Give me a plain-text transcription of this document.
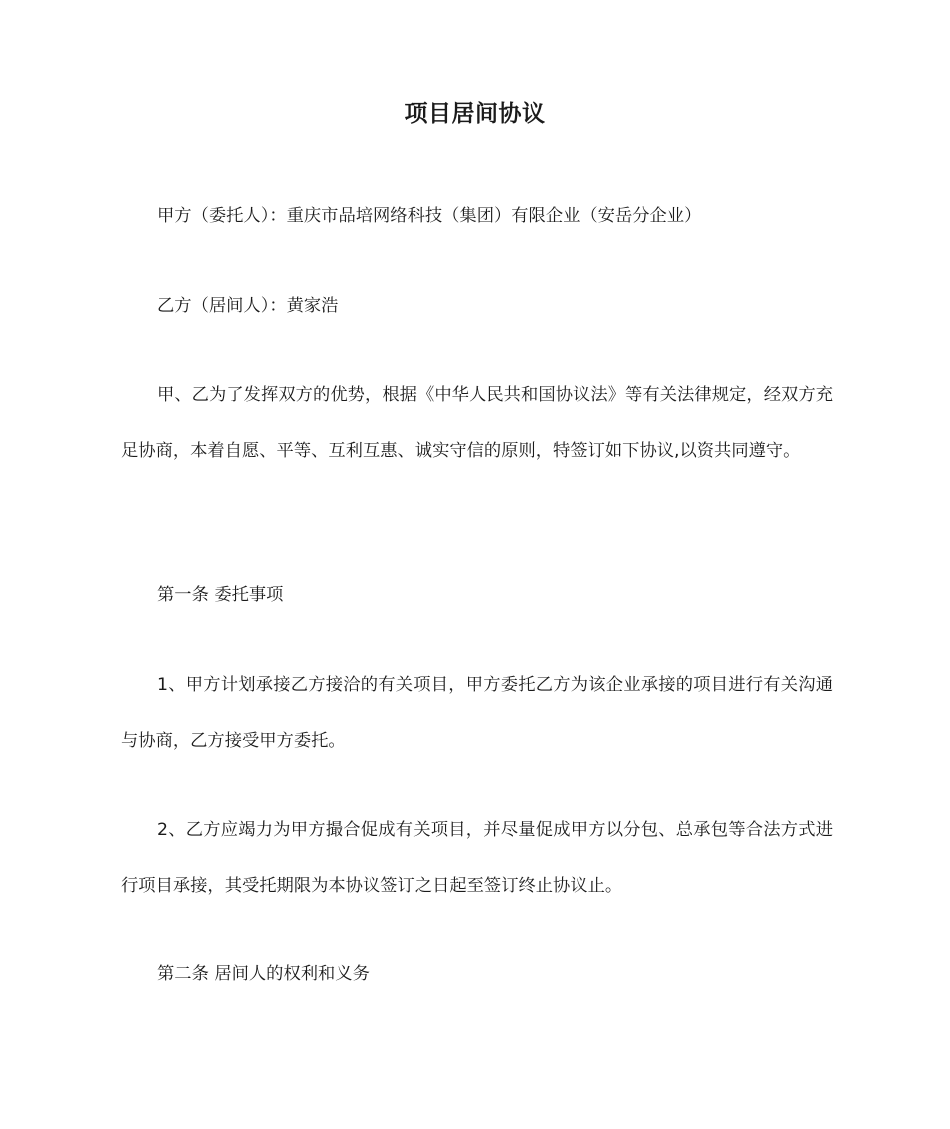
项目居间协议

甲方（委托人）：重庆市品培网络科技（集团）有限企业（安岳分企业）

乙方（居间人）：黄家浩

甲、乙为了发挥双方的优势，根据《中华人民共和国协议法》等有关法律规定，经双方充足协商，本着自愿、平等、互利互惠、诚实守信的原则，特签订如下协议,以资共同遵守。

第一条 委托事项

1、甲方计划承接乙方接洽的有关项目，甲方委托乙方为该企业承接的项目进行有关沟通与协商，乙方接受甲方委托。

2、乙方应竭力为甲方撮合促成有关项目，并尽量促成甲方以分包、总承包等合法方式进行项目承接，其受托期限为本协议签订之日起至签订终止协议止。

第二条 居间人的权利和义务
